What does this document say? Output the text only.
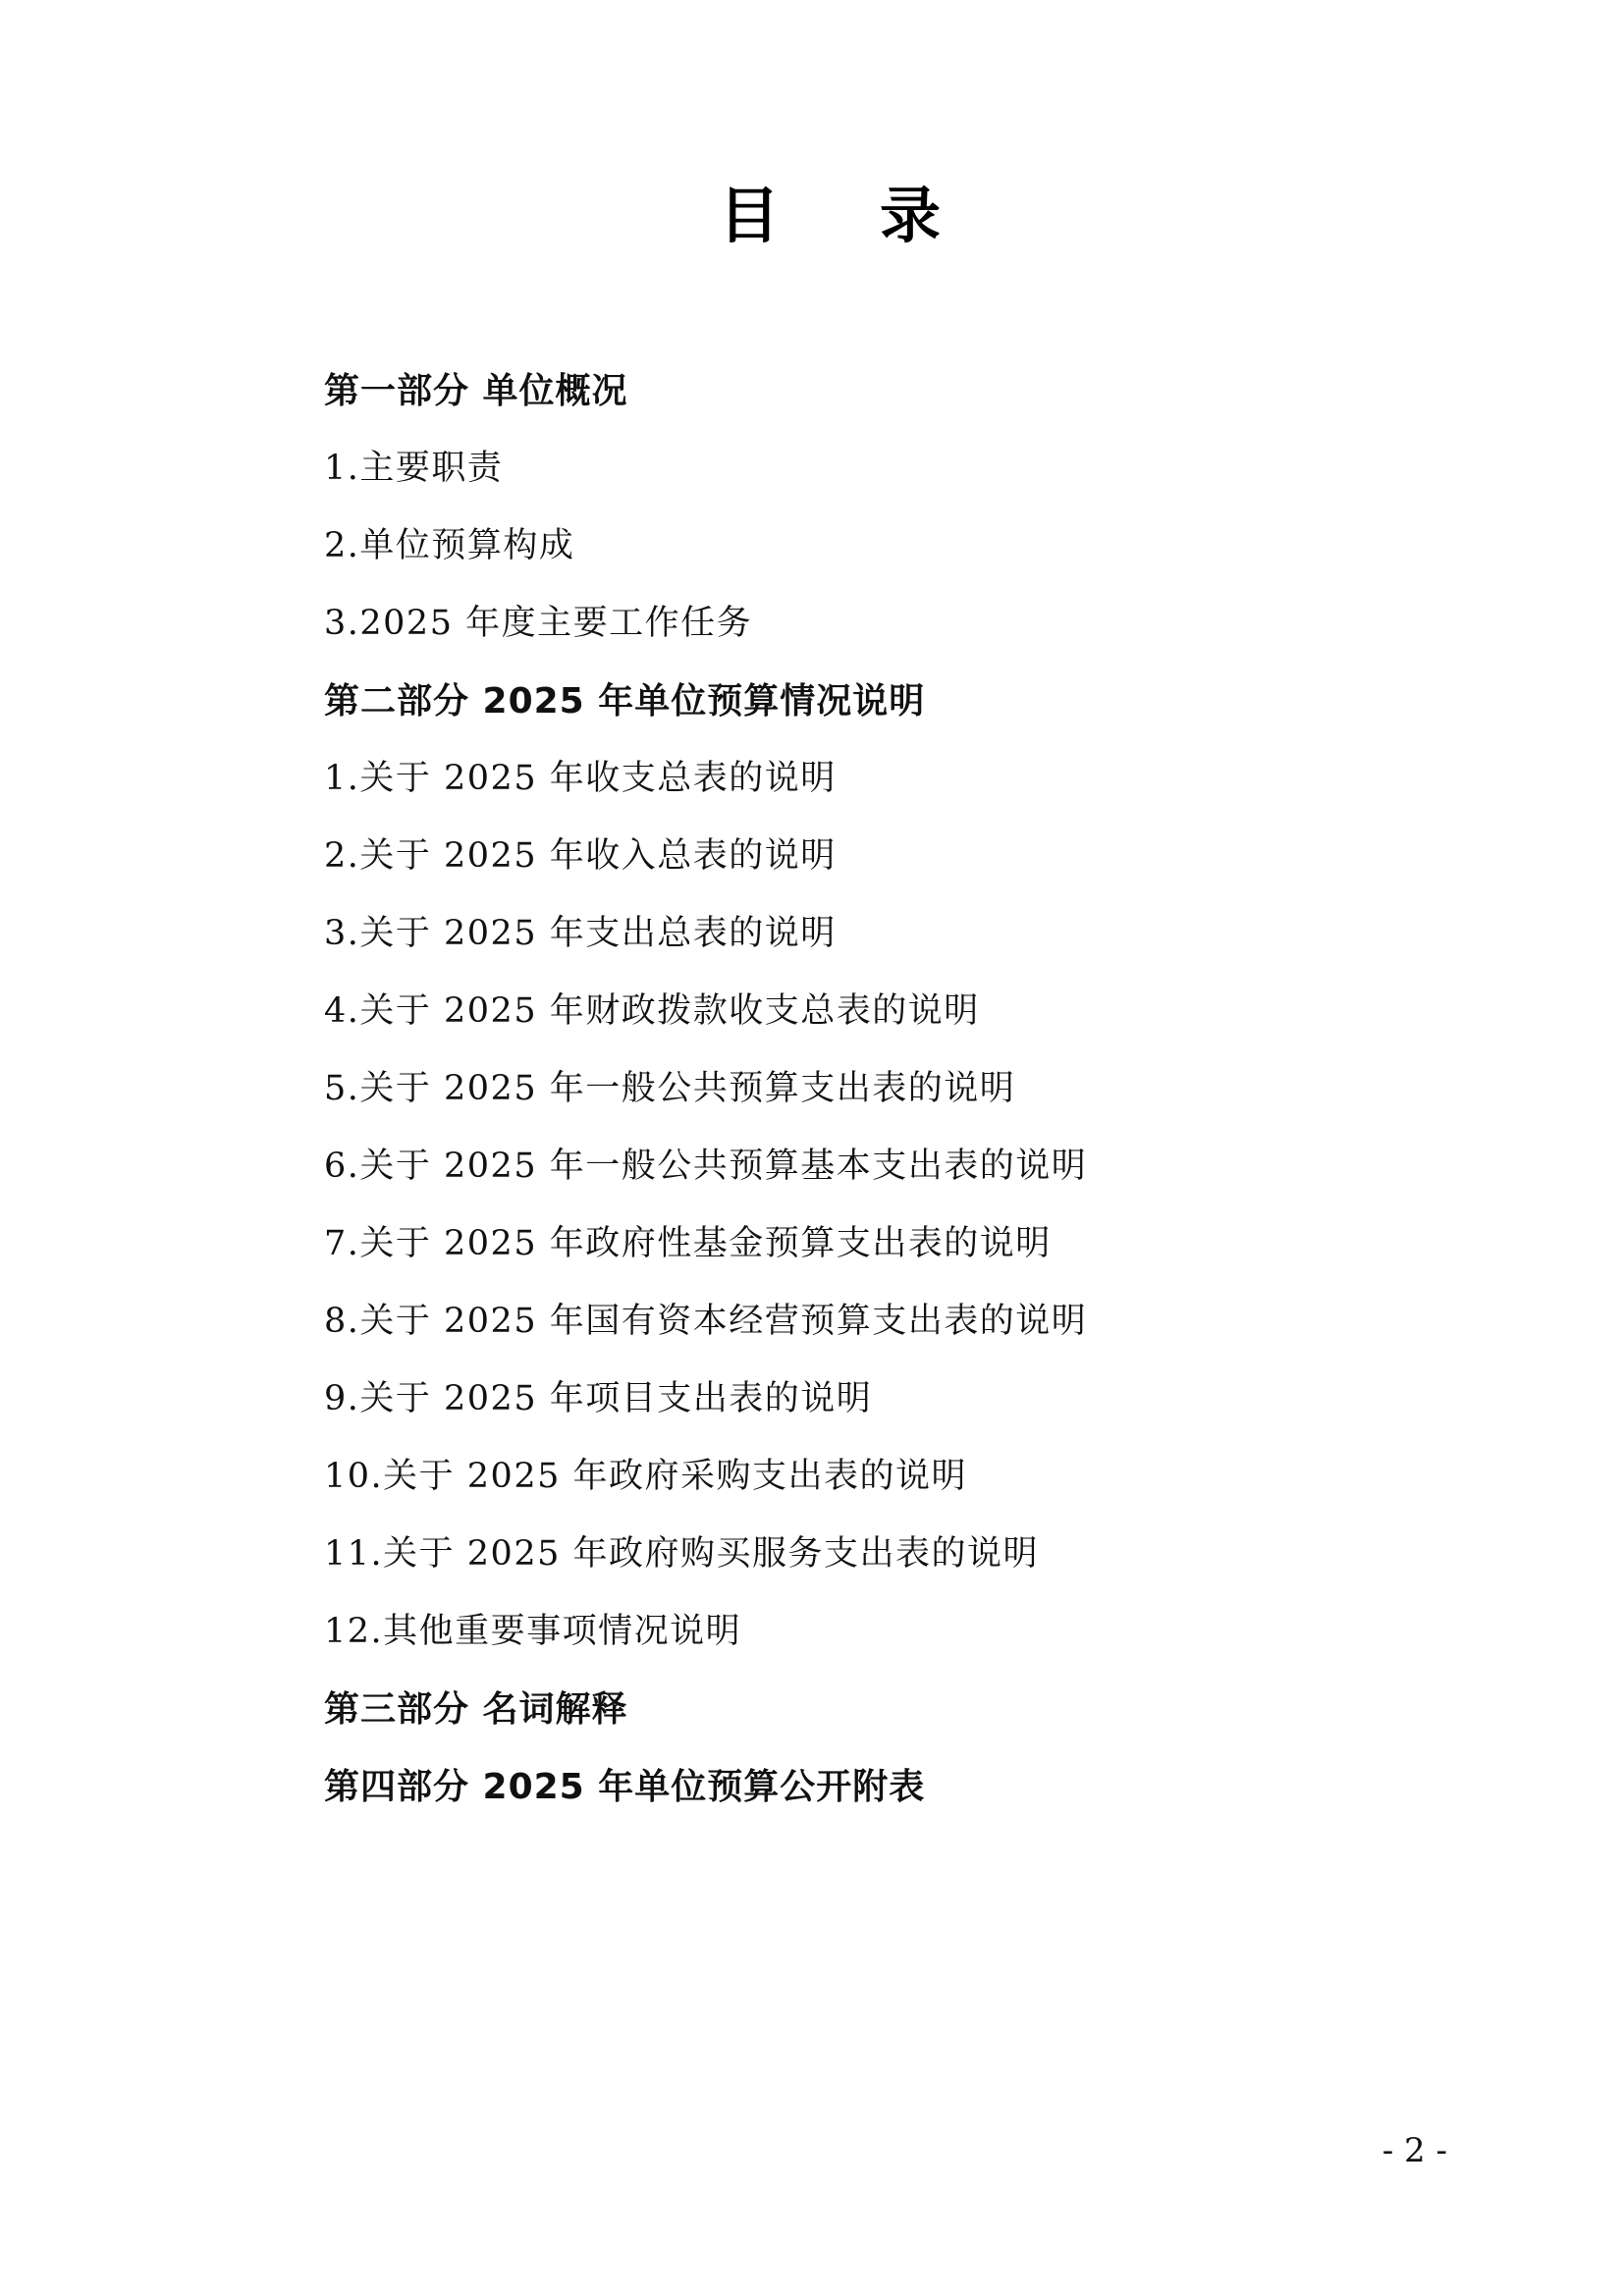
目　录
第一部分 单位概况
1.主要职责
2.单位预算构成
3.2025 年度主要工作任务
第二部分 2025 年单位预算情况说明
1.关于 2025 年收支总表的说明
2.关于 2025 年收入总表的说明
3.关于 2025 年支出总表的说明
4.关于 2025 年财政拨款收支总表的说明
5.关于 2025 年一般公共预算支出表的说明
6.关于 2025 年一般公共预算基本支出表的说明
7.关于 2025 年政府性基金预算支出表的说明
8.关于 2025 年国有资本经营预算支出表的说明
9.关于 2025 年项目支出表的说明
10.关于 2025 年政府采购支出表的说明
11.关于 2025 年政府购买服务支出表的说明
12.其他重要事项情况说明
第三部分 名词解释
第四部分 2025 年单位预算公开附表
- 2 -
